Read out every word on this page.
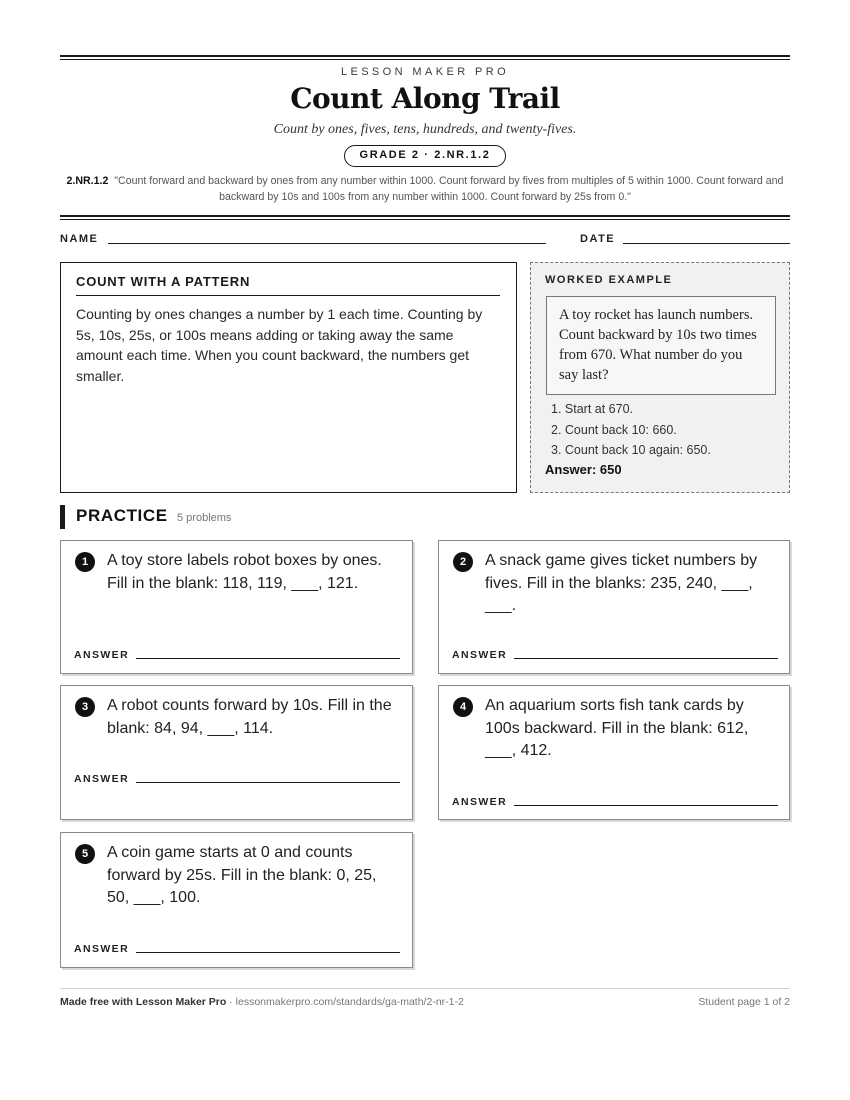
LESSON MAKER PRO
Count Along Trail
Count by ones, fives, tens, hundreds, and twenty-fives.
GRADE 2 · 2.NR.1.2
2.NR.1.2 "Count forward and backward by ones from any number within 1000. Count forward by fives from multiples of 5 within 1000. Count forward and backward by 10s and 100s from any number within 1000. Count forward by 25s from 0."
NAME	DATE
COUNT WITH A PATTERN
Counting by ones changes a number by 1 each time. Counting by 5s, 10s, 25s, or 100s means adding or taking away the same amount each time. When you count backward, the numbers get smaller.
WORKED EXAMPLE
A toy rocket has launch numbers. Count backward by 10s two times from 670. What number do you say last?
1. Start at 670.
2. Count back 10: 660.
3. Count back 10 again: 650.
Answer: 650
PRACTICE 5 problems
1	A toy store labels robot boxes by ones. Fill in the blank: 118, 119, ___, 121.
ANSWER
2	A snack game gives ticket numbers by fives. Fill in the blanks: 235, 240, ___, ___.
ANSWER
3	A robot counts forward by 10s. Fill in the blank: 84, 94, ___, 114.
ANSWER
4	An aquarium sorts fish tank cards by 100s backward. Fill in the blank: 612, ___, 412.
ANSWER
5	A coin game starts at 0 and counts forward by 25s. Fill in the blank: 0, 25, 50, ___, 100.
ANSWER
Made free with Lesson Maker Pro · lessonmakerpro.com/standards/ga-math/2-nr-1-2	Student page 1 of 2
